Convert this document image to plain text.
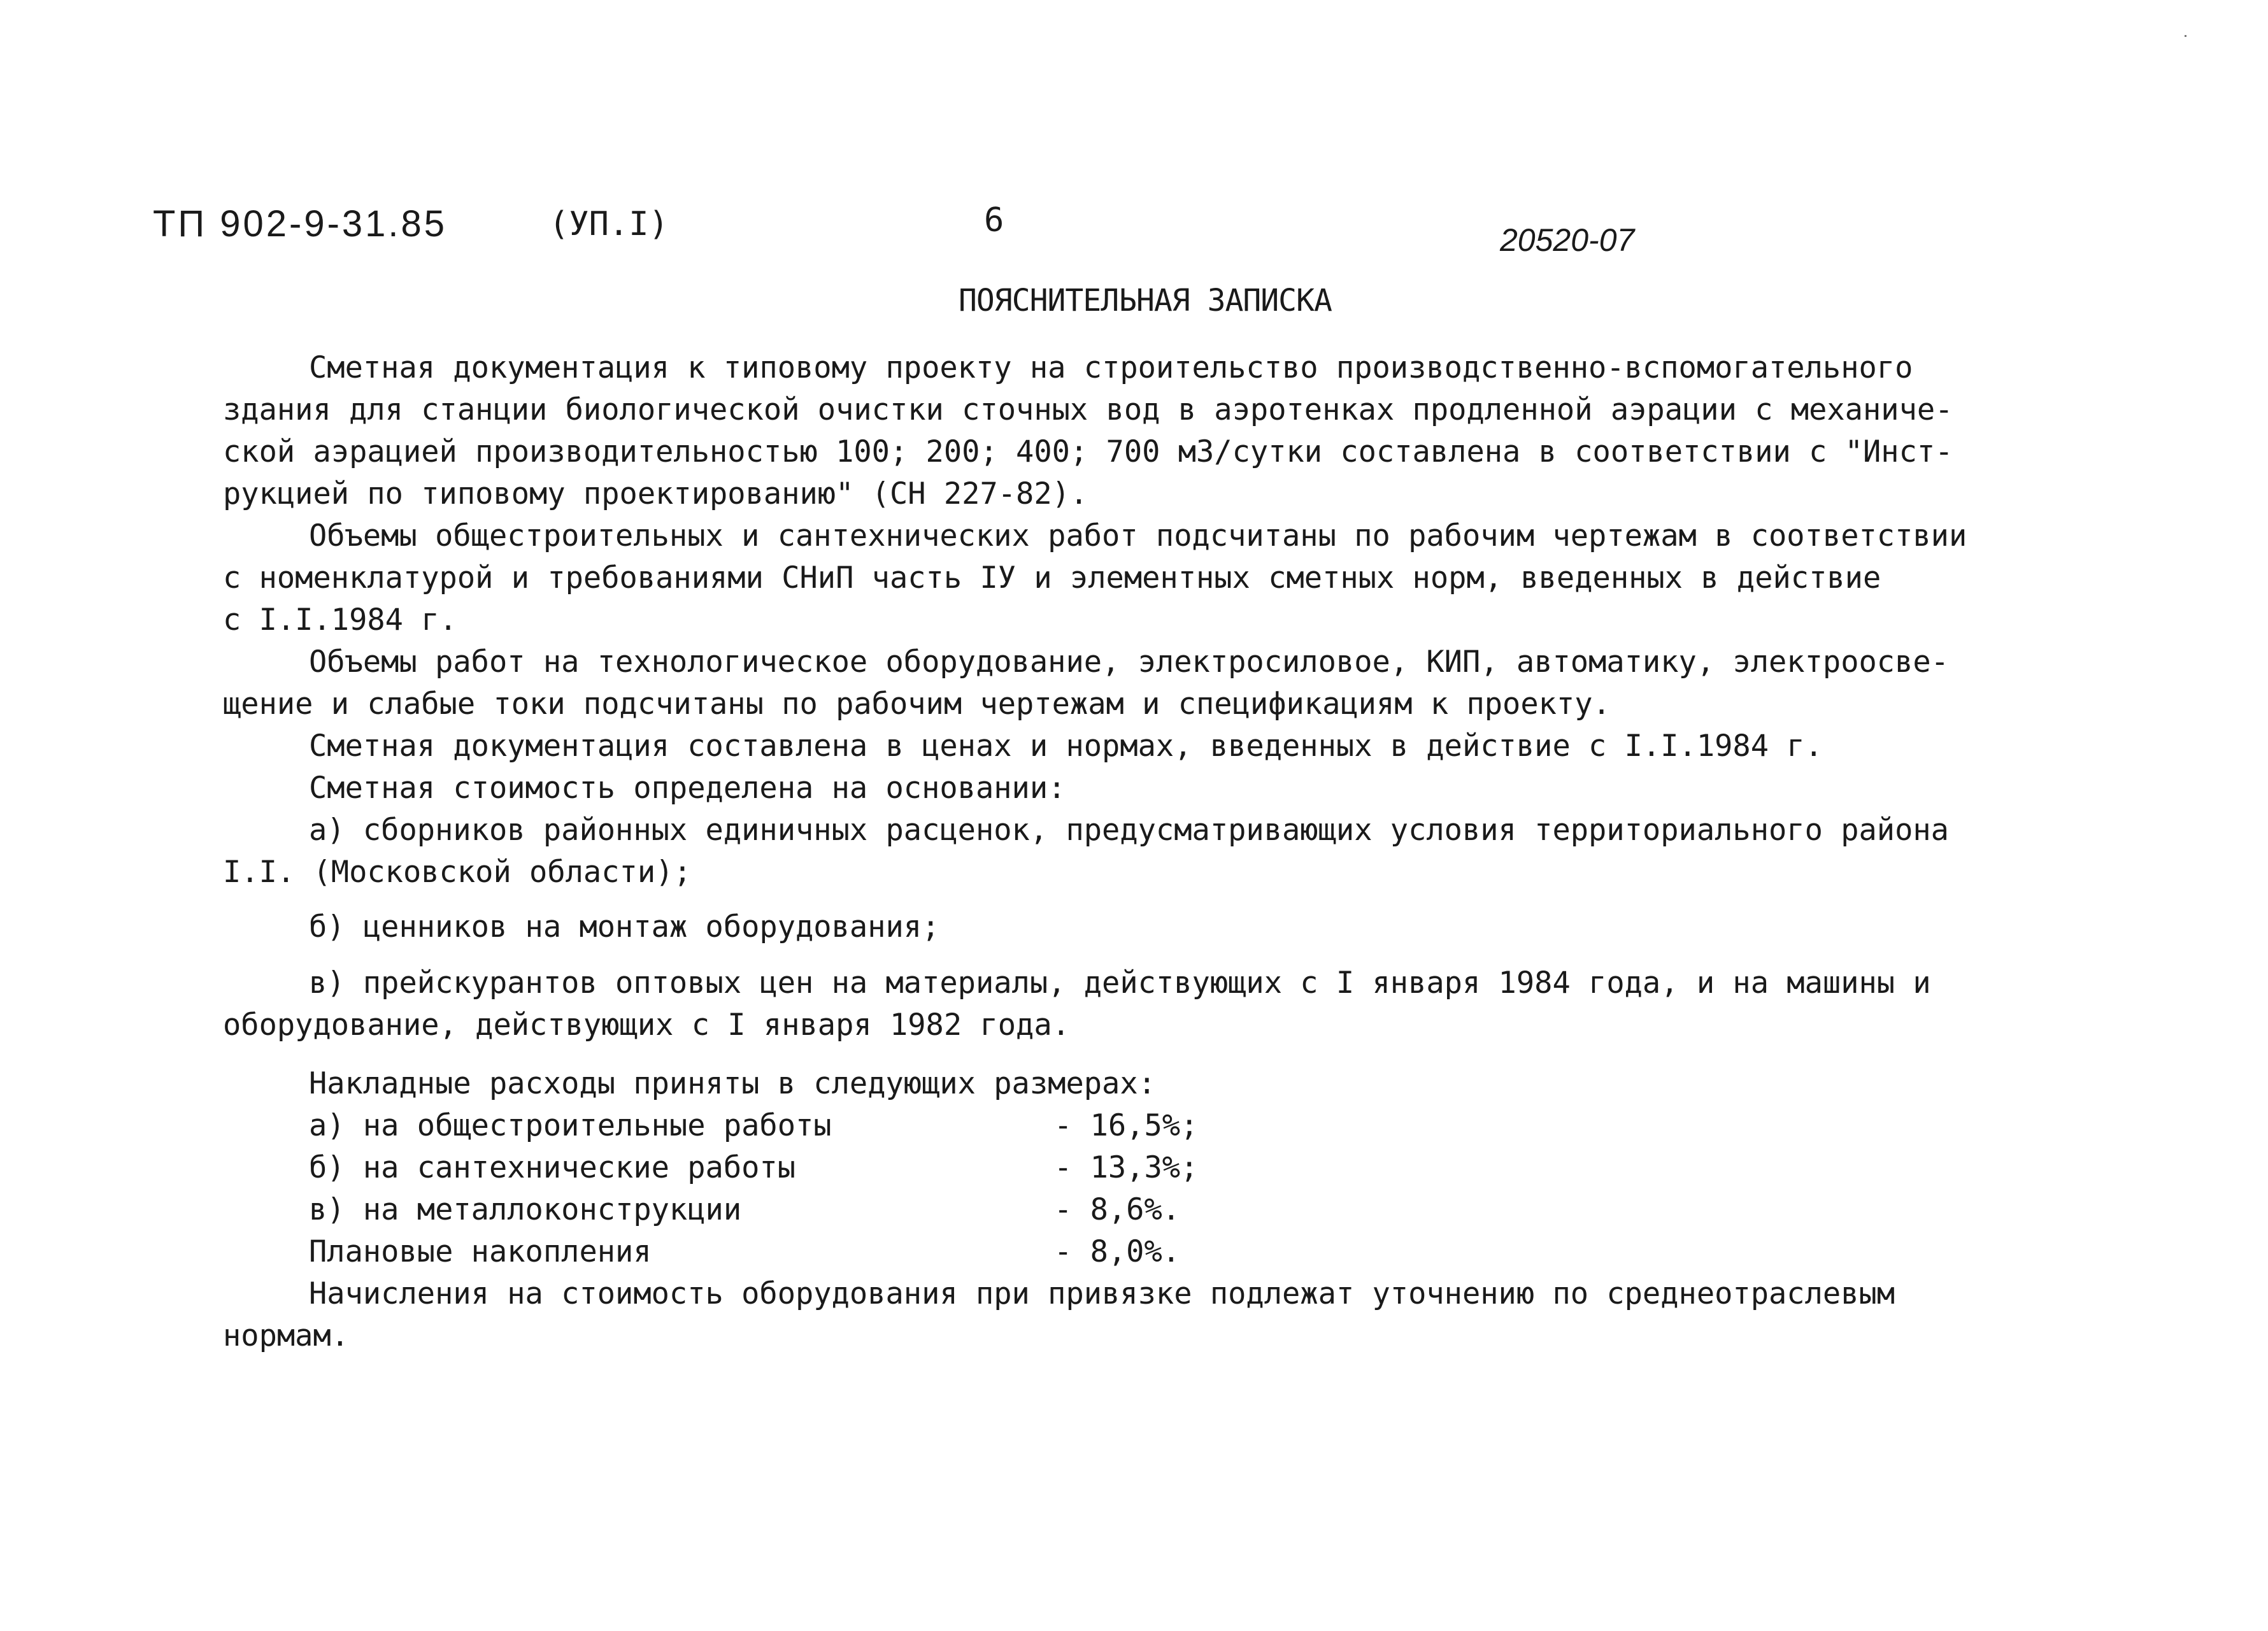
ТП 902-9-31.85	(УП.I)	6
20520-07
ПОЯСНИТЕЛЬНАЯ ЗАПИСКА
Сметная документация к типовому проекту на строительство производственно-вспомогательного
здания для станции биологической очистки сточных вод в аэротенках продленной аэрации с механиче-
ской аэрацией производительностью 100; 200; 400; 700 м3/сутки составлена в соответствии с "Инст-
рукцией по типовому проектированию" (СН 227-82).
Объемы общестроительных и сантехнических работ подсчитаны по рабочим чертежам в соответствии
с номенклатурой и требованиями СНиП часть IУ и элементных сметных норм, введенных в действие
с I.I.1984 г.
Объемы работ на технологическое оборудование, электросиловое, КИП, автоматику, электроосве-
щение и слабые токи подсчитаны по рабочим чертежам и спецификациям к проекту.
Сметная документация составлена в ценах и нормах, введенных в действие с I.I.1984 г.
Сметная стоимость определена на основании:
а) сборников районных единичных расценок, предусматривающих условия территориального района
I.I. (Московской области);
б) ценников на монтаж оборудования;
в) прейскурантов оптовых цен на материалы, действующих с I января 1984 года, и на машины и
оборудование, действующих с I января 1982 года.
Накладные расходы приняты в следующих размерах:
а) на общестроительные работы	- 16,5%;
б) на сантехнические работы	- 13,3%;
в) на металлоконструкции	- 8,6%.
Плановые накопления	- 8,0%.
Начисления на стоимость оборудования при привязке подлежат уточнению по среднеотраслевым
нормам.
